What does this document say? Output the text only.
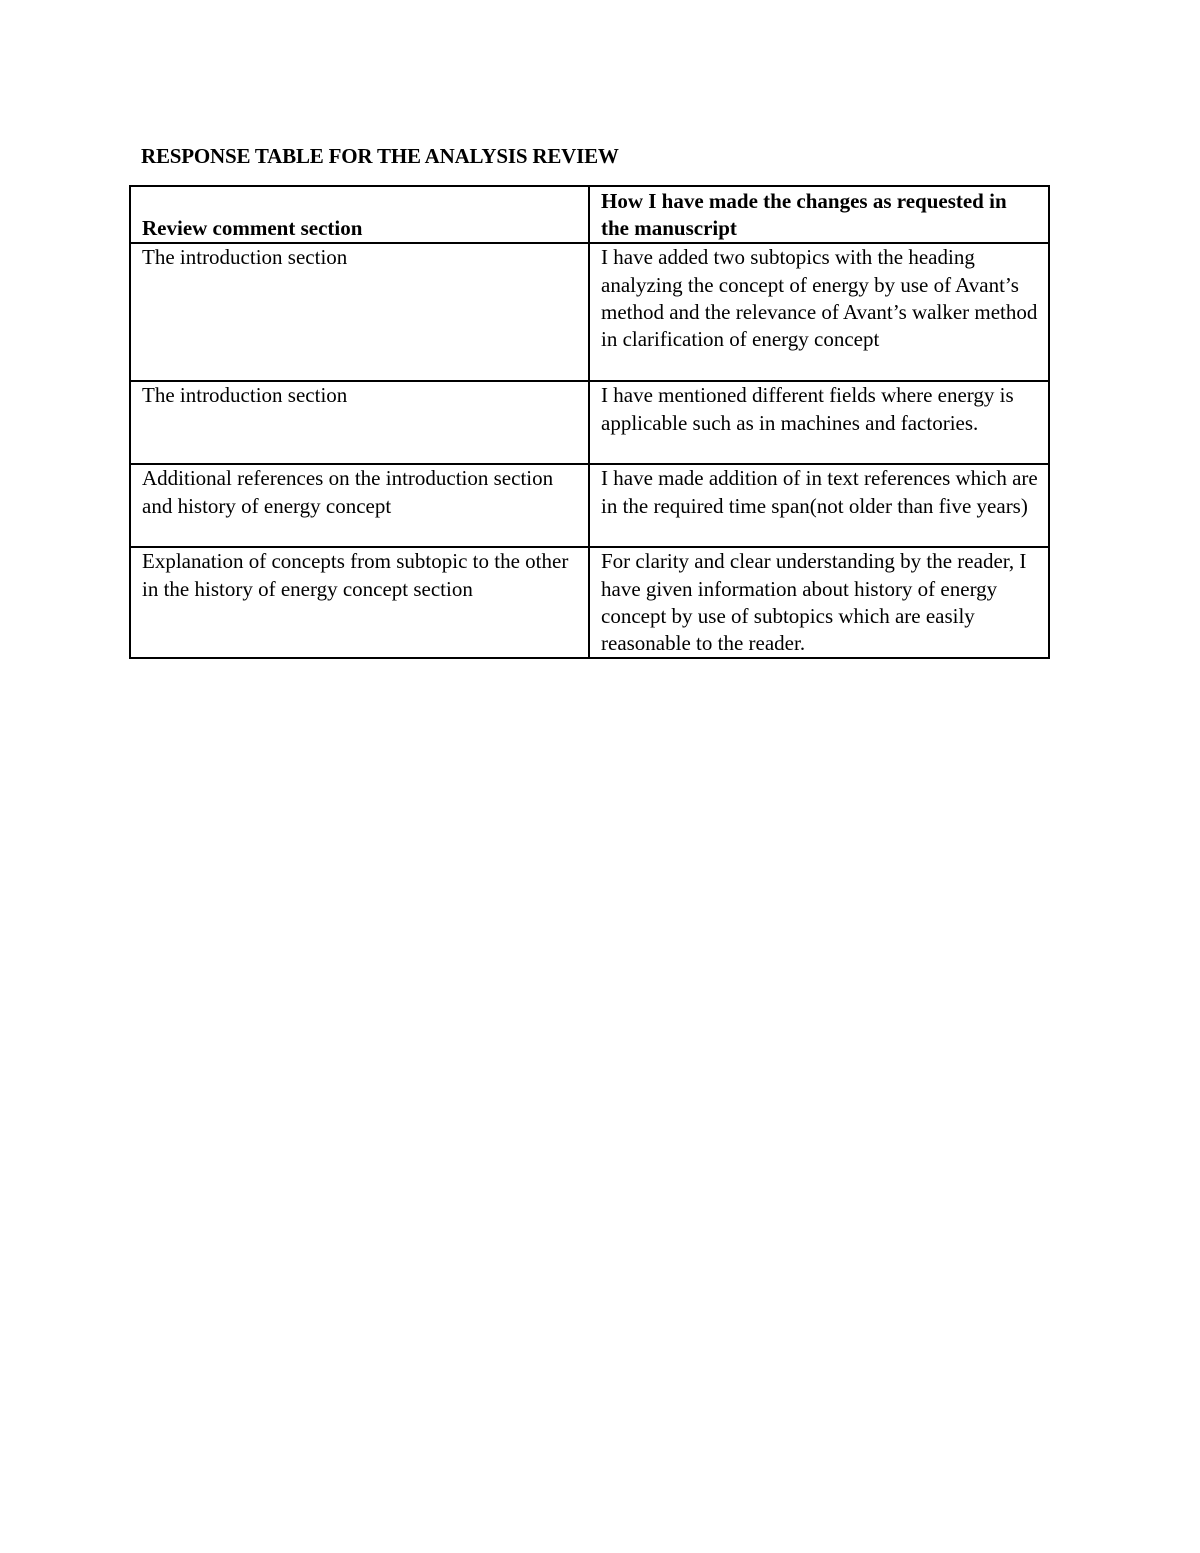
RESPONSE TABLE FOR THE ANALYSIS REVIEW
Review comment section	How I have made the changes as requested in the manuscript
The introduction section	I have added two subtopics with the heading analyzing the concept of energy by use of Avant’s method and the relevance of Avant’s walker method in clarification of energy concept
The introduction section	I have mentioned different fields where energy is applicable such as in machines and factories.
Additional references on the introduction section and history of energy concept	I have made addition of in text references which are in the required time span(not older than five years)
Explanation of concepts from subtopic to the other in the history of energy concept section	For clarity and clear understanding by the reader, I have given information about history of energy concept by use of subtopics which are easily reasonable to the reader.
